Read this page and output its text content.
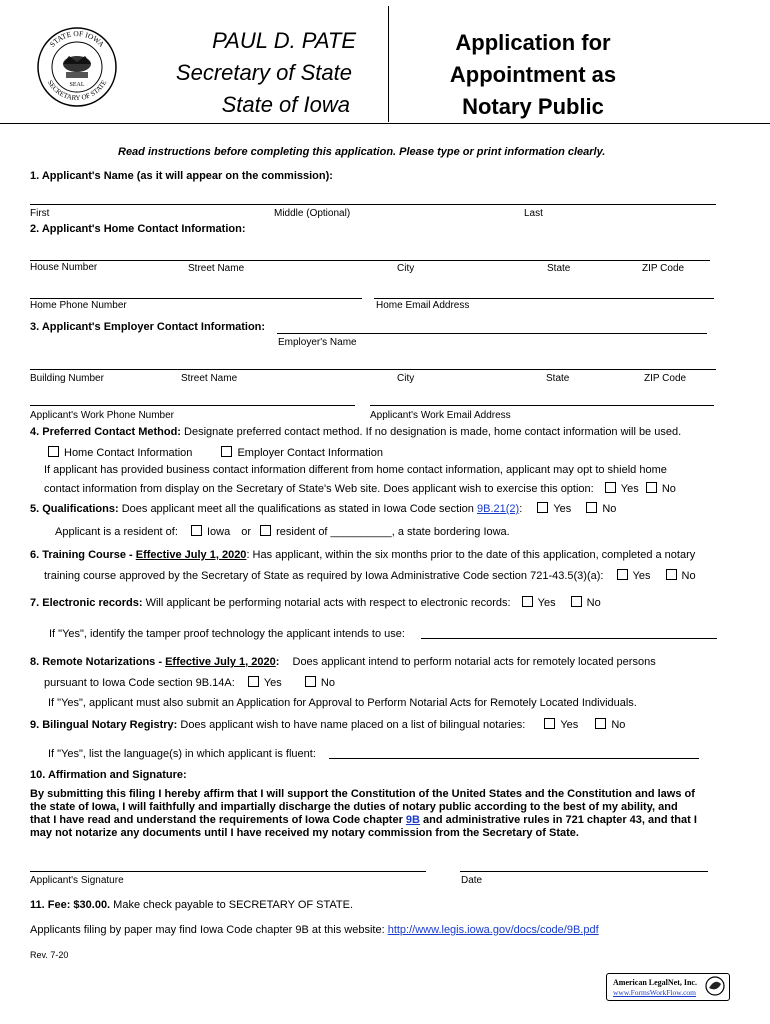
STATE OF IOWA
SECRETARY OF STATE
SEAL
PAUL D. PATE
Secretary of State
State of Iowa
Application for
Appointment as
Notary Public
Read instructions before completing this application. Please type or print information clearly.
1. Applicant's Name (as it will appear on the commission):
First	Middle (Optional)	Last
2. Applicant's Home Contact Information:
House Number	Street Name	City	State	ZIP Code
Home Phone Number	Home Email Address
3. Applicant's Employer Contact Information:
Employer's Name
Building Number	Street Name	City	State	ZIP Code
Applicant's Work Phone Number	Applicant's Work Email Address
4. Preferred Contact Method: Designate preferred contact method. If no designation is made, home contact information will be used.
Home Contact Information	Employer Contact Information
If applicant has provided business contact information different from home contact information, applicant may opt to shield home
contact information from display on the Secretary of State's Web site. Does applicant wish to exercise this option: Yes No
5. Qualifications: Does applicant meet all the qualifications as stated in Iowa Code section 9B.21(2):	Yes	No
Applicant is a resident of:	Iowa or resident of __________, a state bordering Iowa.
6. Training Course - Effective July 1, 2020: Has applicant, within the six months prior to the date of this application, completed a notary
training course approved by the Secretary of State as required by Iowa Administrative Code section 721-43.5(3)(a):	Yes	No
7. Electronic records: Will applicant be performing notarial acts with respect to electronic records: Yes	No
If "Yes", identify the tamper proof technology the applicant intends to use:
8. Remote Notarizations - Effective July 1, 2020: Does applicant intend to perform notarial acts for remotely located persons
pursuant to Iowa Code section 9B.14A:	Yes	No
If "Yes", applicant must also submit an Application for Approval to Perform Notarial Acts for Remotely Located Individuals.
9. Bilingual Notary Registry: Does applicant wish to have name placed on a list of bilingual notaries:	Yes	No
If "Yes", list the language(s) in which applicant is fluent:
10. Affirmation and Signature:
By submitting this filing I hereby affirm that I will support the Constitution of the United States and the Constitution and laws of
the state of Iowa, I will faithfully and impartially discharge the duties of notary public according to the best of my ability, and
that I have read and understand the requirements of Iowa Code chapter 9B and administrative rules in 721 chapter 43, and that I
may not notarize any documents until I have received my notary commission from the Secretary of State.
Applicant's Signature	Date
11. Fee: $30.00. Make check payable to SECRETARY OF STATE.
Applicants filing by paper may find Iowa Code chapter 9B at this website: http://www.legis.iowa.gov/docs/code/9B.pdf
Rev. 7-20
American LegalNet, Inc.
www.FormsWorkFlow.com
